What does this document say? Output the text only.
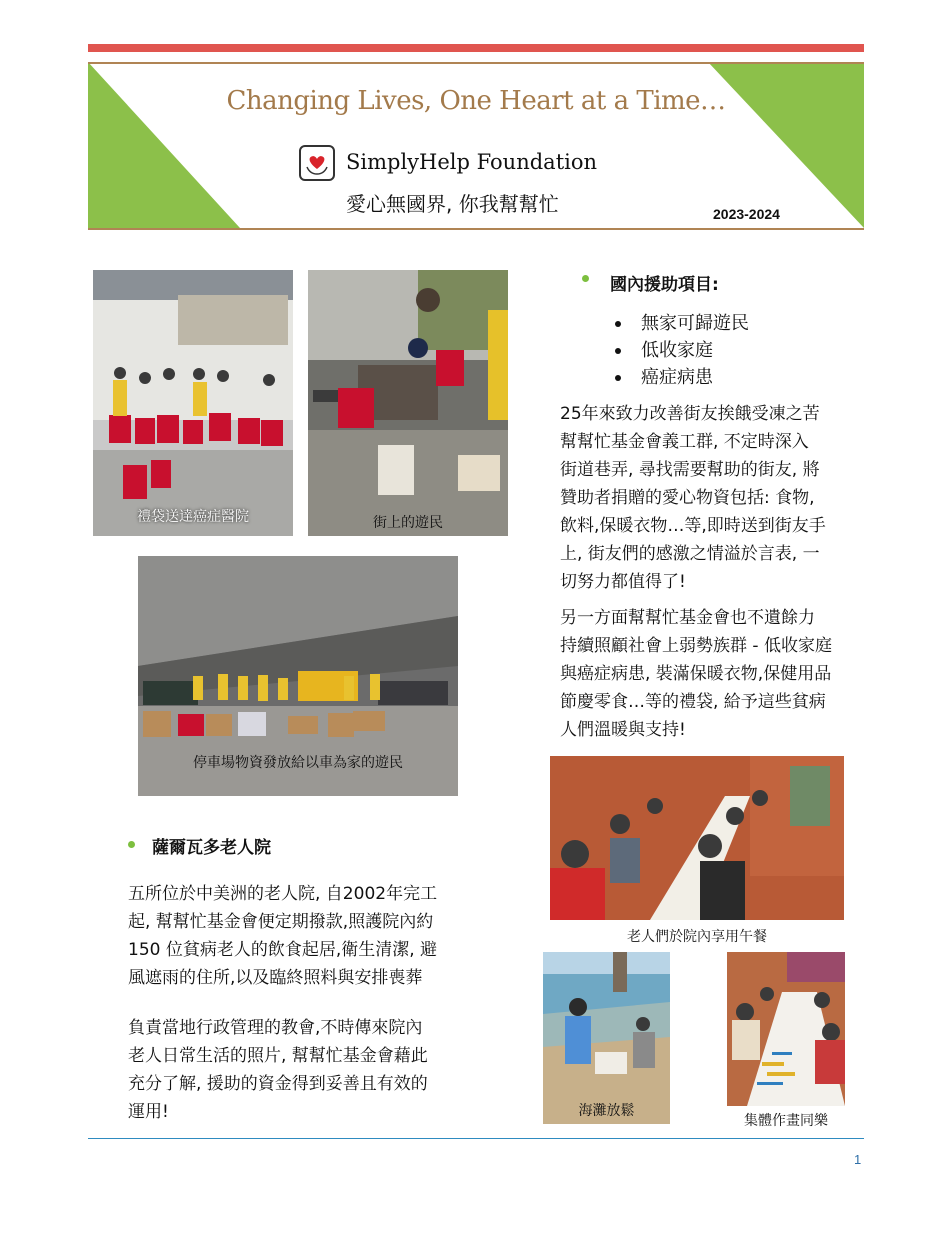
Changing Lives, One Heart at a Time…
SimplyHelp Foundation
愛心無國界, 你我幫幫忙	2023-2024
禮袋送達癌症醫院	街上的遊民
停車場物資發放給以車為家的遊民
國內援助項目:
無家可歸遊民
低收家庭
癌症病患
25年來致力改善街友挨餓受凍之苦
幫幫忙基金會義工群, 不定時深入
街道巷弄, 尋找需要幫助的街友, 將
贊助者捐贈的愛心物資包括: 食物,
飲料,保暖衣物…等,即時送到街友手
上, 街友們的感激之情溢於言表, 一
切努力都值得了!
另一方面幫幫忙基金會也不遺餘力
持續照顧社會上弱勢族群 - 低收家庭
與癌症病患, 裝滿保暖衣物,保健用品
節慶零食…等的禮袋, 給予這些貧病
人們溫暖與支持!
老人們於院內享用午餐
海灘放鬆
集體作畫同樂
薩爾瓦多老人院
五所位於中美洲的老人院, 自2002年完工
起, 幫幫忙基金會便定期撥款,照護院內約
150 位貧病老人的飲食起居,衛生清潔, 避
風遮雨的住所,以及臨終照料與安排喪葬
負責當地行政管理的教會,不時傳來院內
老人日常生活的照片, 幫幫忙基金會藉此
充分了解, 援助的資金得到妥善且有效的
運用!
1
